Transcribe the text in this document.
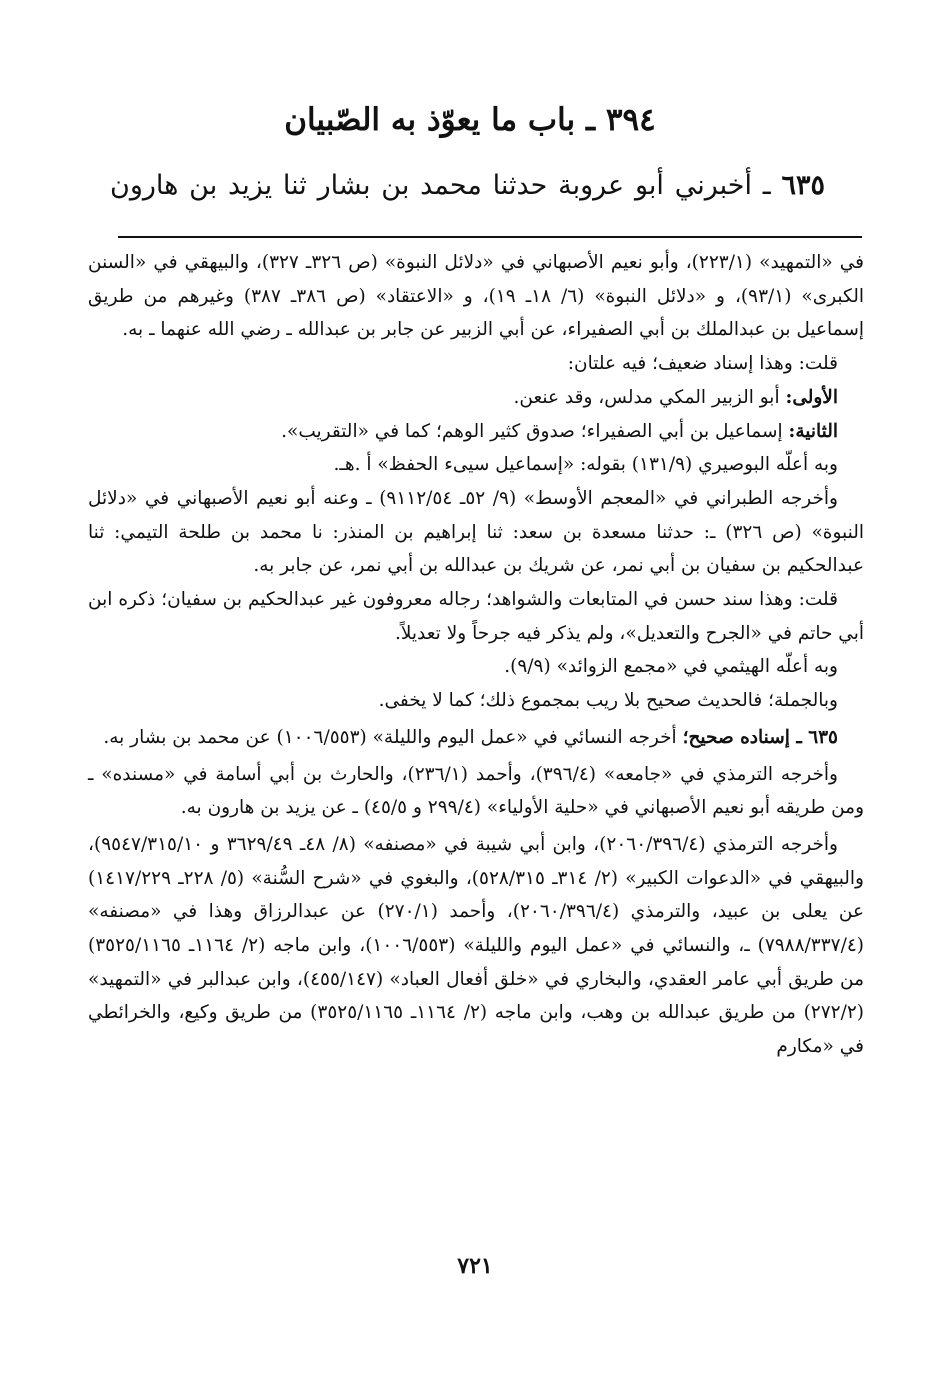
٣٩٤ ـ باب ما يعوّذ به الصّبيان

٦٣٥ ـ أخبرني أبو عروبة حدثنا محمد بن بشار ثنا يزيد بن هارون

في «التمهيد» (٢٢٣/١)، وأبو نعيم الأصبهاني في «دلائل النبوة» (ص ٣٢٦ـ ٣٢٧)، والبيهقي في «السنن الكبرى» (٩٣/١)، و «دلائل النبوة» (٦/ ١٨ـ ١٩)، و «الاعتقاد» (ص ٣٨٦ـ ٣٨٧) وغيرهم من طريق إسماعيل بن عبدالملك بن أبي الصفيراء، عن أبي الزبير عن جابر بن عبدالله ـ رضي الله عنهما ـ به.

قلت: وهذا إسناد ضعيف؛ فيه علتان:

الأولى: أبو الزبير المكي مدلس، وقد عنعن.

الثانية: إسماعيل بن أبي الصفيراء؛ صدوق كثير الوهم؛ كما في «التقريب».

وبه أعلّه البوصيري (١٣١/٩) بقوله: «إسماعيل سيىء الحفظ» أ .هـ.

وأخرجه الطبراني في «المعجم الأوسط» (٩/ ٥٢ـ ٩١١٢/٥٤) ـ وعنه أبو نعيم الأصبهاني في «دلائل النبوة» (ص ٣٢٦) ـ: حدثنا مسعدة بن سعد: ثنا إبراهيم بن المنذر: نا محمد بن طلحة التيمي: ثنا عبدالحكيم بن سفيان بن أبي نمر، عن شريك بن عبدالله بن أبي نمر، عن جابر به.

قلت: وهذا سند حسن في المتابعات والشواهد؛ رجاله معروفون غير عبدالحكيم بن سفيان؛ ذكره ابن أبي حاتم في «الجرح والتعديل»، ولم يذكر فيه جرحاً ولا تعديلاً.

وبه أعلّه الهيثمي في «مجمع الزوائد» (٩/٩).

وبالجملة؛ فالحديث صحيح بلا ريب بمجموع ذلك؛ كما لا يخفى.

٦٣٥ ـ إسناده صحيح؛ أخرجه النسائي في «عمل اليوم والليلة» (١٠٠٦/٥٥٣) عن محمد بن بشار به.

وأخرجه الترمذي في «جامعه» (٣٩٦/٤)، وأحمد (٢٣٦/١)، والحارث بن أبي أسامة في «مسنده» ـ ومن طريقه أبو نعيم الأصبهاني في «حلية الأولياء» (٢٩٩/٤ و ٤٥/٥) ـ عن يزيد بن هارون به.

وأخرجه الترمذي (٢٠٦٠/٣٩٦/٤)، وابن أبي شيبة في «مصنفه» (٨/ ٤٨ـ ٣٦٢٩/٤٩ و ٩٥٤٧/٣١٥/١٠)، والبيهقي في «الدعوات الكبير» (٢/ ٣١٤ـ ٥٢٨/٣١٥)، والبغوي في «شرح السُّنة» (٥/ ٢٢٨ـ ١٤١٧/٢٢٩) عن يعلى بن عبيد، والترمذي (٢٠٦٠/٣٩٦/٤)، وأحمد (٢٧٠/١) عن عبدالرزاق وهذا في «مصنفه» (٧٩٨٨/٣٣٧/٤) ـ، والنسائي في «عمل اليوم والليلة» (١٠٠٦/٥٥٣)، وابن ماجه (٢/ ١١٦٤ـ ٣٥٢٥/١١٦٥) من طريق أبي عامر العقدي، والبخاري في «خلق أفعال العباد» (٤٥٥/١٤٧)، وابن عبدالبر في «التمهيد» (٢٧٢/٢) من طريق عبدالله بن وهب، وابن ماجه (٢/ ١١٦٤ـ ٣٥٢٥/١١٦٥) من طريق وكيع، والخرائطي في «مكارم

٧٢١
